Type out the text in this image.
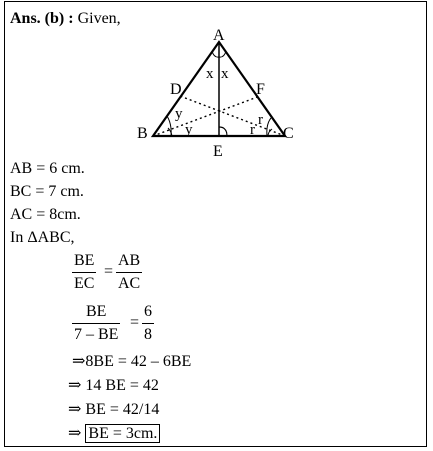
Ans. (b) : Given,
A
B	C
D
E
F
x x
y
y
r
r
AB = 6 cm.
BC = 7 cm.
AC = 8cm.
In ΔABC,
BE
EC
=
AB
AC
BE
7 – BE
=
6
8
⇒8BE = 42 – 6BE
⇒ 14 BE = 42
⇒ BE = 42/14
⇒ BE = 3cm.
